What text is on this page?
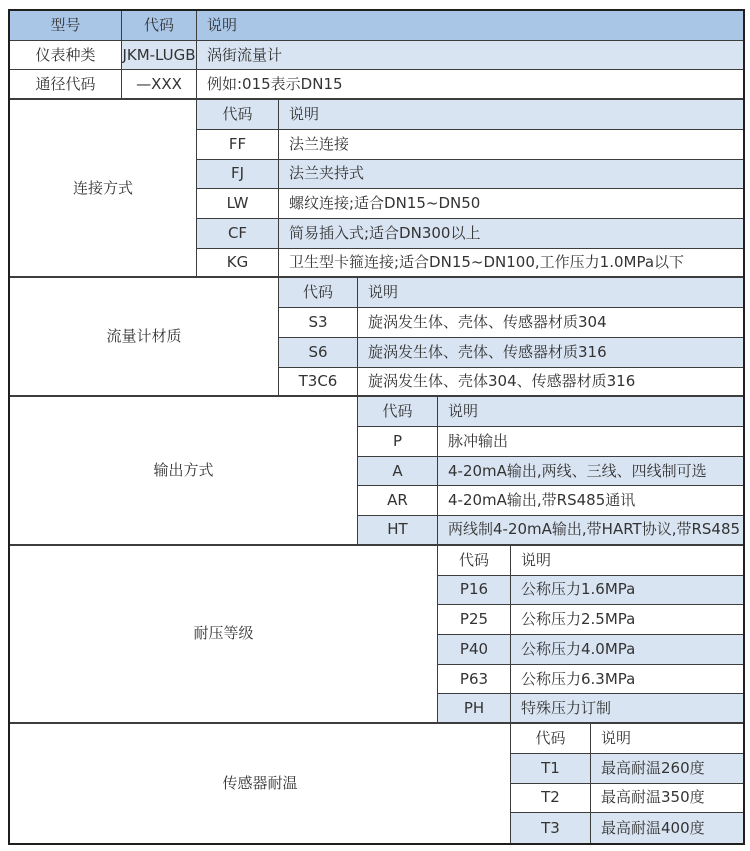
型号	代码	说明
仪表种类	JKM-LUGB 涡街流量计
通径代码	—XXX	例如:015表示DN15
连接方式
代码	说明
FF	法兰连接
FJ	法兰夹持式
LW	螺纹连接;适合DN15~DN50
CF	简易插入式;适合DN300以上
KG	卫生型卡箍连接;适合DN15~DN100,工作压力1.0MPa以下
流量计材质
代码	说明
S3	旋涡发生体、壳体、传感器材质304
S6	旋涡发生体、壳体、传感器材质316
T3C6	旋涡发生体、壳体304、传感器材质316
输出方式
代码	说明
P	脉冲输出
A	4-20mA输出,两线、三线、四线制可选
AR	4-20mA输出,带RS485通讯
HT	两线制4-20mA输出,带HART协议,带RS485
耐压等级
代码	说明
P16	公称压力1.6MPa
P25	公称压力2.5MPa
P40	公称压力4.0MPa
P63	公称压力6.3MPa
PH	特殊压力订制
传感器耐温
代码	说明
T1	最高耐温260度
T2	最高耐温350度
T3	最高耐温400度
